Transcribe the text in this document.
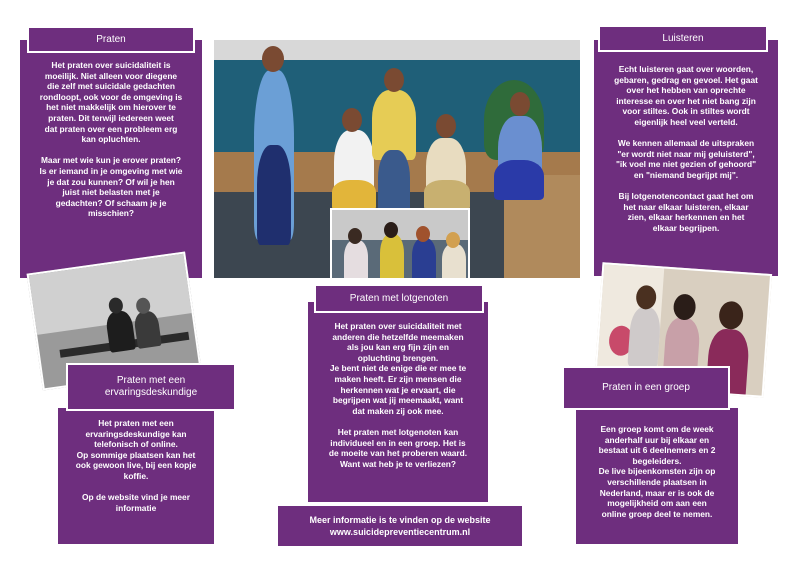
Praten
Het praten over suicidaliteit is
moeilijk. Niet alleen voor diegene
die zelf met suicidale gedachten
rondloopt, ook voor de omgeving is
het niet makkelijk om hierover te
praten. Dit terwijl iedereen weet
dat praten over een probleem erg
kan opluchten.

Maar met wie kun je erover praten?
Is er iemand in je omgeving met wie
je dat zou kunnen? Of wil je hen
juist niet belasten met je
gedachten? Of schaam je je
misschien?
Luisteren
Echt luisteren gaat over woorden,
gebaren, gedrag en gevoel. Het gaat
over het hebben van oprechte
interesse en over het niet bang zijn
voor stiltes. Ook in stiltes wordt
eigenlijk heel veel verteld.

We kennen allemaal de uitspraken
"er wordt niet naar mij geluisterd",
"ik voel me niet gezien of gehoord"
en "niemand begrijpt mij".

Bij lotgenotencontact gaat het om
het naar elkaar luisteren, elkaar
zien, elkaar herkennen en het
elkaar begrijpen.
Praten met een
ervaringsdeskundige
Het praten met een
ervaringsdeskundige kan
telefonisch of online.
Op sommige plaatsen kan het
ook gewoon live, bij een kopje
koffie.

Op de website vind je meer
informatie
Praten met lotgenoten
Het praten over suicidaliteit met
anderen die hetzelfde meemaken
als jou kan erg fijn zijn en
opluchting brengen.
Je bent niet de enige die er mee te
maken heeft. Er zijn mensen die
herkennen wat je ervaart, die
begrijpen wat jij meemaakt, want
dat maken zij ook mee.

Het praten met lotgenoten kan
individueel en in een groep. Het is
de moeite van het proberen waard.
Want wat heb je te verliezen?
Meer informatie is te vinden op de website
www.suicidepreventiecentrum.nl
Praten in een groep
Een groep komt om de week
anderhalf uur bij elkaar en
bestaat uit 6 deelnemers en 2
begeleiders.
De live bijeenkomsten zijn op
verschillende plaatsen in
Nederland, maar er is ook de
mogelijkheid om aan een
online groep deel te nemen.
